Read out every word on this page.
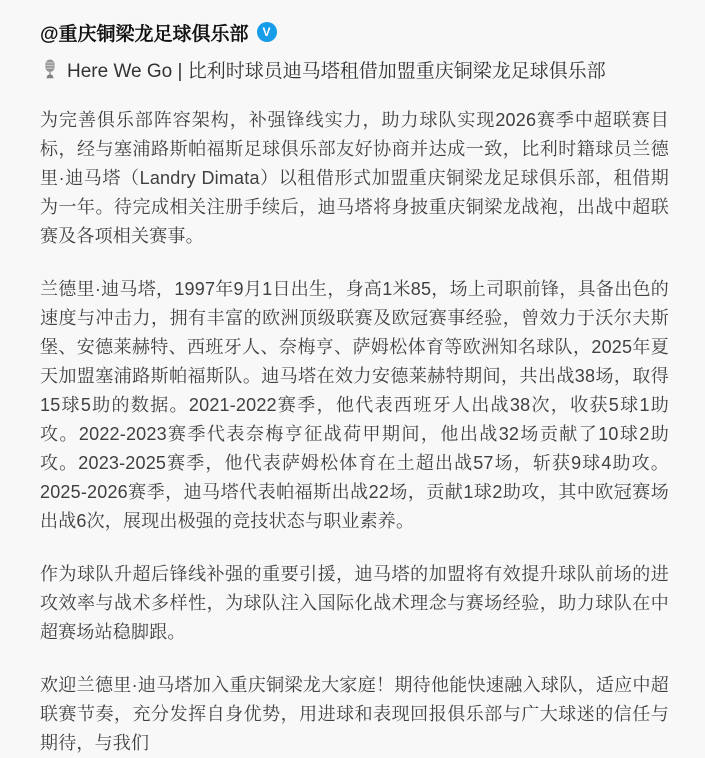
@重庆铜梁龙足球俱乐部 V
Here We Go | 比利时球员迪马塔租借加盟重庆铜梁龙足球俱乐部

为完善俱乐部阵容架构，补强锋线实力，助力球队实现2026赛季中超联赛目标，经与塞浦路斯帕福斯足球俱乐部友好协商并达成一致，比利时籍球员兰德里·迪马塔（Landry Dimata）以租借形式加盟重庆铜梁龙足球俱乐部，租借期为一年。待完成相关注册手续后，迪马塔将身披重庆铜梁龙战袍，出战中超联赛及各项相关赛事。

兰德里·迪马塔，1997年9月1日出生，身高1米85，场上司职前锋，具备出色的速度与冲击力，拥有丰富的欧洲顶级联赛及欧冠赛事经验，曾效力于沃尔夫斯堡、安德莱赫特、西班牙人、奈梅亨、萨姆松体育等欧洲知名球队，2025年夏天加盟塞浦路斯帕福斯队。迪马塔在效力安德莱赫特期间，共出战38场，取得15球5助的数据。2021-2022赛季，他代表西班牙人出战38次，收获5球1助攻。2022-2023赛季代表奈梅亨征战荷甲期间，他出战32场贡献了10球2助攻。2023-2025赛季，他代表萨姆松体育在土超出战57场，斩获9球4助攻。2025-2026赛季，迪马塔代表帕福斯出战22场，贡献1球2助攻，其中欧冠赛场出战6次，展现出极强的竞技状态与职业素养。

作为球队升超后锋线补强的重要引援，迪马塔的加盟将有效提升球队前场的进攻效率与战术多样性，为球队注入国际化战术理念与赛场经验，助力球队在中超赛场站稳脚跟。

欢迎兰德里·迪马塔加入重庆铜梁龙大家庭！期待他能快速融入球队，适应中超联赛节奏，充分发挥自身优势，用进球和表现回报俱乐部与广大球迷的信任与期待，与我们
